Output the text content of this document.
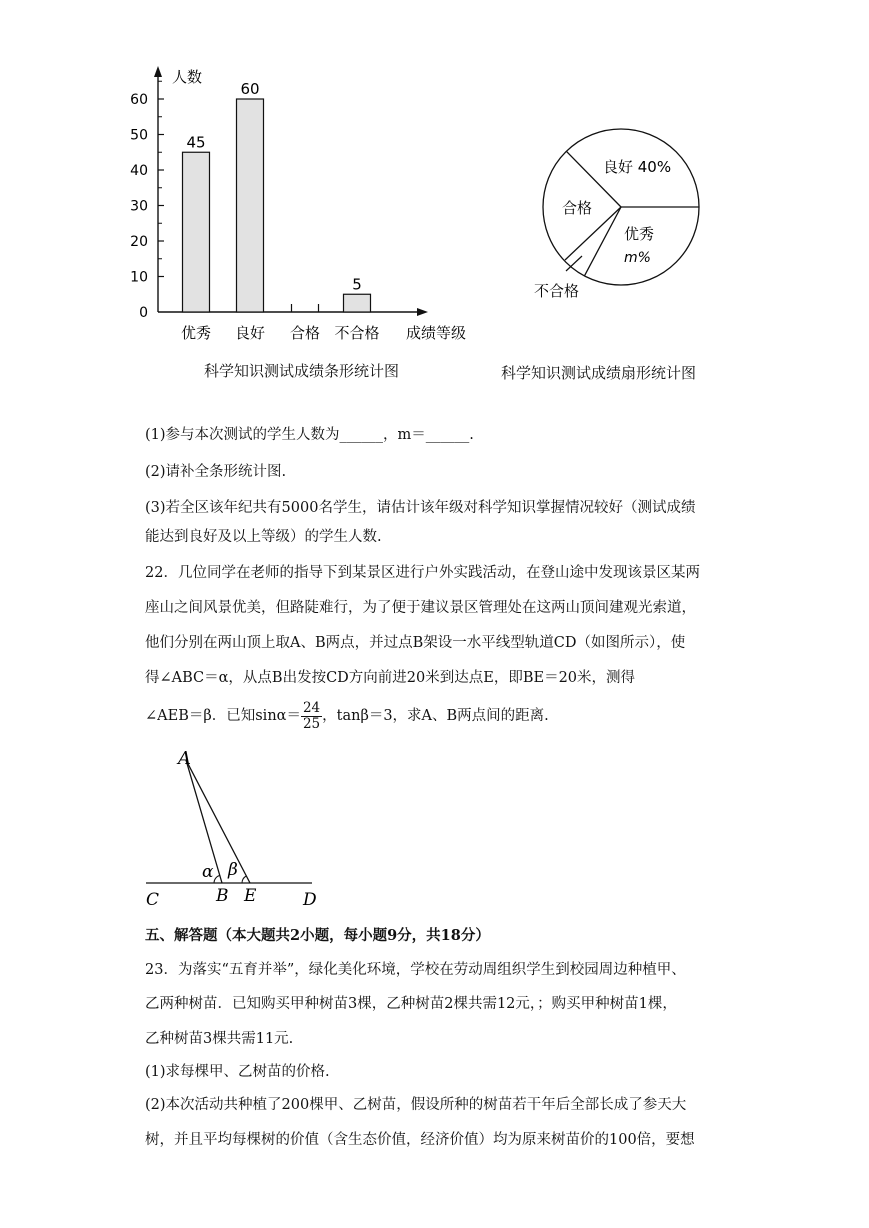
人数
0
10
20
30
40
50
60
45
60
5
优秀 良好 合格 不合格 成绩等级
科学知识测试成绩条形统计图
良好 40%
优秀
m%
合格
不合格
科学知识测试成绩扇形统计图
(1)参与本次测试的学生人数为______，m＝______.
(2)请补全条形统计图.
(3)若全区该年纪共有5000名学生，请估计该年级对科学知识掌握情况较好（测试成绩
能达到良好及以上等级）的学生人数.
22．几位同学在老师的指导下到某景区进行户外实践活动，在登山途中发现该景区某两
座山之间风景优美，但路陡难行，为了便于建议景区管理处在这两山顶间建观光索道，
他们分别在两山顶上取A、B两点，并过点B架设一水平线型轨道CD（如图所示），使
得∠ABC＝α，从点B出发按CD方向前进20米到达点E，即BE＝20米，测得
∠AEB＝β．已知$\sin\alpha= \frac{24}{25}$ ，tanβ＝3，求A、B两点间的距离.
A
B E
C	D
α β
五、解答题（本大题共2小题，每小题9分，共18分）
23．为落实“五育并举”，绿化美化环境，学校在劳动周组织学生到校园周边种植甲、
乙两种树苗．已知购买甲种树苗3棵，乙种树苗2棵共需12元，；购买甲种树苗1棵，
乙种树苗3棵共需11元.
(1)求每棵甲、乙树苗的价格.
(2)本次活动共种植了200棵甲、乙树苗，假设所种的树苗若干年后全部长成了参天大
树，并且平均每棵树的价值（含生态价值，经济价值）均为原来树苗价的100倍，要想
